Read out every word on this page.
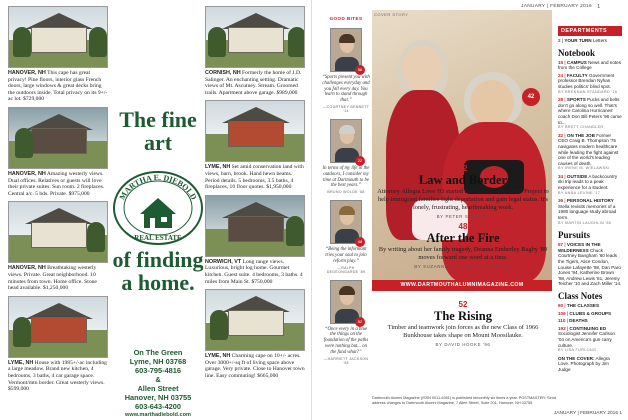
HANOVER, NH This cape has great privacy! Pine floors, interior glass French doors, large windows & great decks bring the outdoors inside. Total privacy on its 9+/- ac lot. $729,000
HANOVER, NH Amazing westerly views. Dual offices. Relatives or guests will love their private suites. Sun room. 2 fireplaces. Central a/c. 5 bds. Private. $975,000
HANOVER, NH Breathtaking westerly views. Private. Great neighborhood. 10 minutes from town. Home office. Stone head available. $1,250,000
LYME, NH House with 1985+/-ac including a large meadow. Brand new kitchen, 4 bedrooms, 3 baths, 4 car garage space. Vermont/mtn border. Great westerly views. $599,000
The fine art
MARTHA E. DIEBOLD
REAL ESTATE
of finding a home.
On The Green
Lyme, NH 03768
603-795-4816
&
Allen Street
Hanover, NH 03755
603-643-4200
www.marthadiebold.com
CORNISH, NH Formerly the home of J.D. Salinger. An enchanting setting. Dramatic views of Mt. Ascutney. Stream. Groomed trails. Apartment above garage. $989,000
LYME, NH Set amid conservation land with views, barn, brook. Hand hewn beams. Period details. 5 bedrooms, 3.5 baths, 4 fireplaces, 10 floor quotes. $1,950,000
NORWICH, VT Long range views. Luxurious, bright log home. Gourmet kitchen. Guest suite. 4 bedrooms, 3 baths. 4 miles from Main St. $750,000
LYME, NH Charming cape on 10+/- acres. Over 3000+/-sq ft of living space above garage. Very private. Close to Hanover town line. Easy commuting! $665,000
JANUARY | FEBRUARY 2016 1
GOOD BITES
58
“Sports present you with challenges everyday and you fall every day. You learn to stand through that.”
—COURTNEY BENNETT '14
22
In terms of my life in the outdoors, I consider my time at Dartmouth to be the best years.”
BRUNO WOLDE '68
48
“Being the informant tries your soul to join reform play.”
—RALPH DEGEONGARDE '89
52
“Once every in a blue the things on the foundation of the paths were nothing but... on the fund what?”
—HARRIETT JACKSON '98
COVER STORY
42
WWW.DARTMOUTHALUMNIMAGAZINE.COM
42
Law and Border
Attorney Allegra Love '03 started the Santa Fe Dreamers Project to help immigrant families fight deportation and gain legal status. It's lonely, frustrating, heartbreaking work.
BY PETER SIGNORE
48
After the Fire
By writing about her family tragedy, Deanna Emberley Bagby '89 moves forward one word at a time.
BY SUZANNE SPENCER RENDAHL '85
52
The Rising
Timber and teamwork join forces as the new Class of 1966 Bunkhouse takes shape on Mount Moosilauke.
BY DAVID HOOKE '96
DEPARTMENTS
2 | YOUR TURN Letters
Notebook
15 | CAMPUS News and notes from the College
24 | FACULTY Government professor Brendan Nyhan studies politics' blind spot.
BY BRENNAN STANDARD '16
28 | SPORTS Pucks and belts don't go along so well. That's where Carolina Hurricanes' coach Don Bill Peters '96 came to...
BY BRETT CHANDLER
32 | ON THE JOB Former CEO Craig B. Thompson '75 navigates modern healthcare while leading the fight against one of the world's leading causes of death.
BY IRENE M. WIELAWSKI
34 | OUTSIDE A backcountry ski trip leads to a peak experience for a student.
BY ANNA LEVINE '17
36 | PERSONAL HISTORY Stella revisits memories of a 1980 language study abroad term.
BY MARTIN LAUGHLIN '85
Pursuits
57 | VOICES IN THE WILDERNESS Chuck Courtney Bangham '60 leads the Tigers, Alice Condon, Louise Lafayette '98, Dan Paro Jones '94, Katherine Brown '98, Andrew Lewis '81, Jeremy Teicher '10 and Zach Miller '14.
Class Notes
60 | THE CLASSES
106 | CLUBS & GROUPS
110 | DEATHS
192 | CONTINUING ED Sociologist Jennifer Carlson '04 on America's gun carry culture.
BY LISA FURLONG
ON THE COVER: Allegra Love. Photograph by Jim Judge
Dartmouth Alumni Magazine (ISSN 0011-6351) is published bimonthly six times a year. POSTMASTER: Send address changes to Dartmouth Alumni Magazine, 7 Allen Street, Suite 201, Hanover, NH 03755.
JANUARY | FEBRUARY 2016 1
